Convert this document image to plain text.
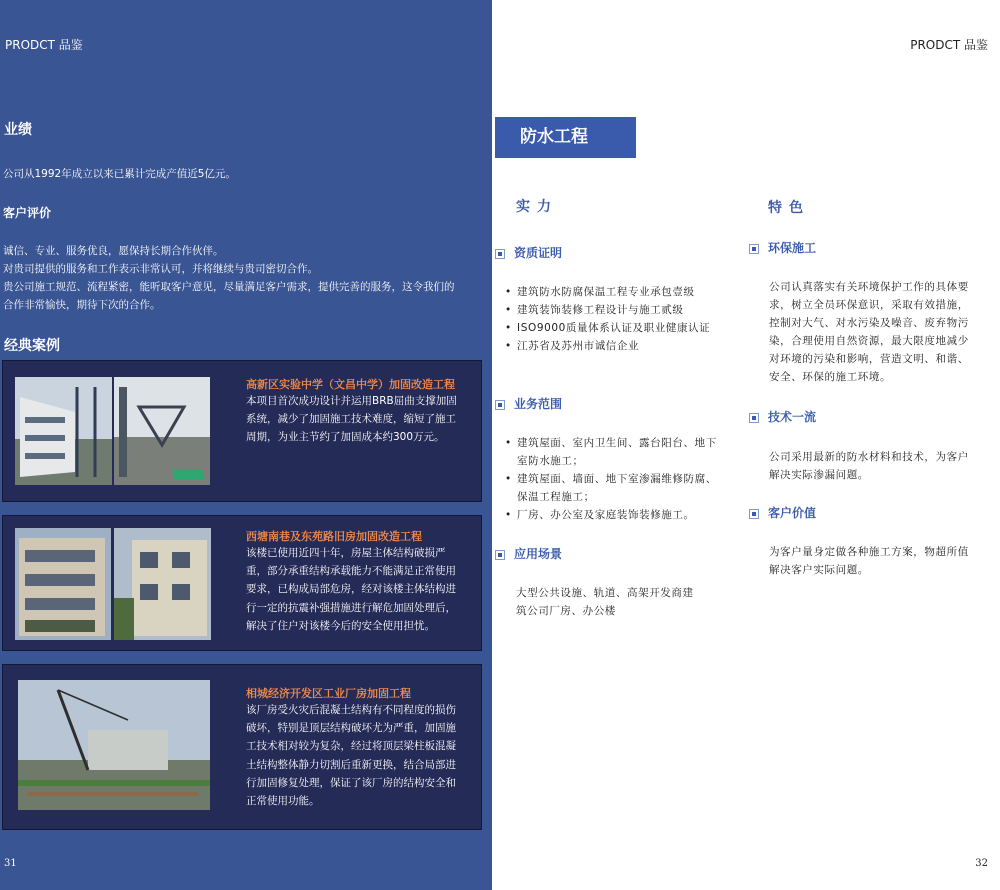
PRODCT 品鉴
业绩
公司从1992年成立以来已累计完成产值近5亿元。
客户评价
诚信、专业、服务优良，愿保持长期合作伙伴。
对贵司提供的服务和工作表示非常认可，并将继续与贵司密切合作。
贵公司施工规范、流程紧密，能听取客户意见，尽量满足客户需求，提供完善的服务，这令我们的
合作非常愉快，期待下次的合作。
经典案例
高新区实验中学（文昌中学）加固改造工程
本项目首次成功设计并运用BRB屈曲支撑加固
系统，减少了加固施工技术难度，缩短了施工
周期，为业主节约了加固成本约300万元。
西塘南巷及东苑路旧房加固改造工程
该楼已使用近四十年，房屋主体结构破损严
重，部分承重结构承载能力不能满足正常使用
要求，已构成局部危房，经对该楼主体结构进
行一定的抗震补强措施进行解危加固处理后，
解决了住户对该楼今后的安全使用担忧。
相城经济开发区工业厂房加固工程
该厂房受火灾后混凝土结构有不同程度的损伤
破坏，特别是顶层结构破坏尤为严重，加固施
工技术相对较为复杂，经过将顶层梁柱板混凝
土结构整体静力切割后重新更换，结合局部进
行加固修复处理，保证了该厂房的结构安全和
正常使用功能。
31
PRODCT 品鉴
防水工程
实力	特色
资质证明
• 建筑防水防腐保温工程专业承包壹级
• 建筑装饰装修工程设计与施工贰级
• ISO9000质量体系认证及职业健康认证
• 江苏省及苏州市诚信企业
业务范围
• 建筑屋面、室内卫生间、露台阳台、地下室防水施工；
• 建筑屋面、墙面、地下室渗漏维修防腐、保温工程施工；
• 厂房、办公室及家庭装饰装修施工。
应用场景
大型公共设施、轨道、高架开发商建
筑公司厂房、办公楼
环保施工
公司认真落实有关环境保护工作的具体要
求，树立全员环保意识，采取有效措施，
控制对大气、对水污染及噪音、废弃物污
染，合理使用自然资源，最大限度地减少
对环境的污染和影响，营造文明、和谐、
安全、环保的施工环境。
技术一流
公司采用最新的防水材料和技术，为客户
解决实际渗漏问题。
客户价值
为客户量身定做各种施工方案，物超所值
解决客户实际问题。
32
